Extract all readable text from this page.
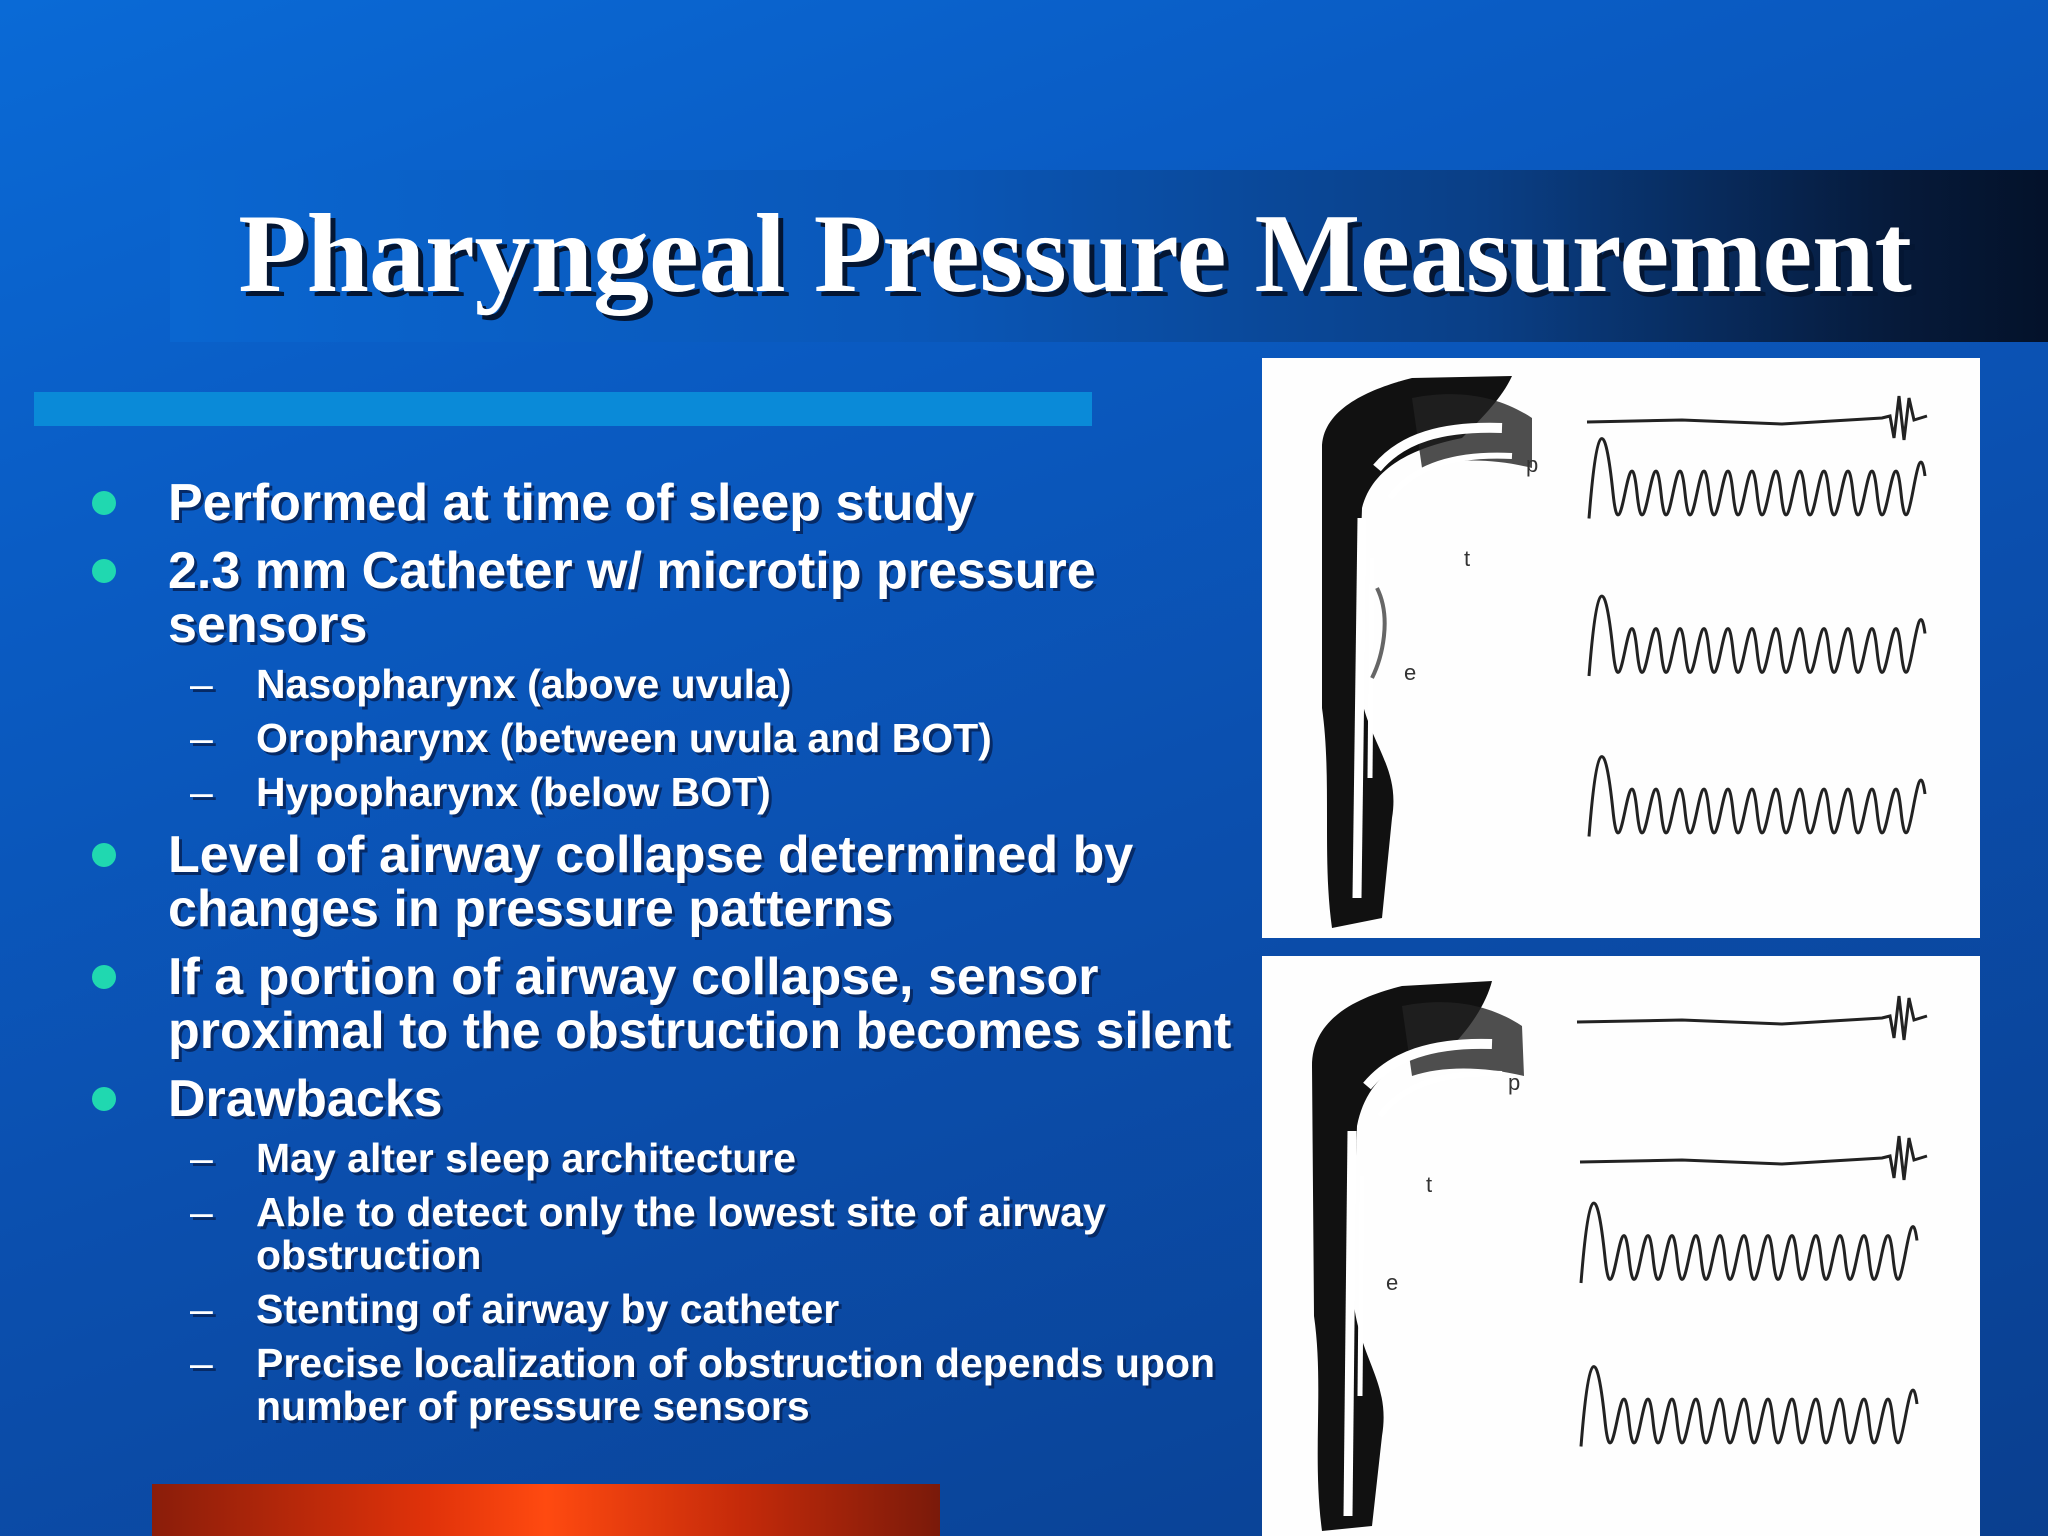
Pharyngeal Pressure Measurement
Performed at time of sleep study
2.3 mm Catheter w/ microtip pressure sensors
– Nasopharynx (above uvula)
– Oropharynx (between uvula and BOT)
– Hypopharynx (below BOT)
Level of airway collapse determined by changes in pressure patterns
If a portion of airway collapse, sensor proximal to the obstruction becomes silent
Drawbacks
– May alter sleep architecture
– Able to detect only the lowest site of airway obstruction
– Stenting of airway by catheter
– Precise localization of obstruction depends upon number of pressure sensors
p
t
e
p
t
e
